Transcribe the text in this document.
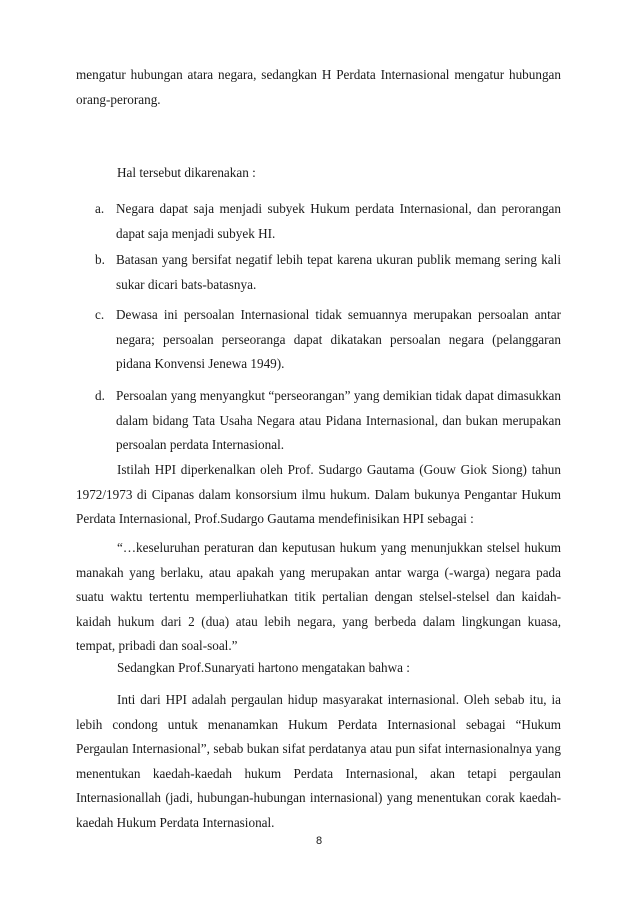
mengatur hubungan atara negara, sedangkan H Perdata Internasional mengatur hubungan orang-perorang.

Hal tersebut dikarenakan :

a. Negara dapat saja menjadi subyek Hukum perdata Internasional, dan perorangan dapat saja menjadi subyek HI.
b. Batasan yang bersifat negatif lebih tepat karena ukuran publik memang sering kali sukar dicari bats-batasnya.
c. Dewasa ini persoalan Internasional tidak semuannya merupakan persoalan antar negara; persoalan perseoranga dapat dikatakan persoalan negara (pelanggaran pidana Konvensi Jenewa 1949).
d. Persoalan yang menyangkut “perseorangan” yang demikian tidak dapat dimasukkan dalam bidang Tata Usaha Negara atau Pidana Internasional, dan bukan merupakan persoalan perdata Internasional.

Istilah HPI diperkenalkan oleh Prof. Sudargo Gautama (Gouw Giok Siong) tahun 1972/1973 di Cipanas dalam konsorsium ilmu hukum. Dalam bukunya Pengantar Hukum Perdata Internasional, Prof.Sudargo Gautama mendefinisikan HPI sebagai :

“…keseluruhan peraturan dan keputusan hukum yang menunjukkan stelsel hukum manakah yang berlaku, atau apakah yang merupakan antar warga (-warga) negara pada suatu waktu tertentu memperliuhatkan titik pertalian dengan stelsel-stelsel dan kaidah-kaidah hukum dari 2 (dua) atau lebih negara, yang berbeda dalam lingkungan kuasa, tempat, pribadi dan soal-soal.”

Sedangkan Prof.Sunaryati hartono mengatakan bahwa :

Inti dari HPI adalah pergaulan hidup masyarakat internasional. Oleh sebab itu, ia lebih condong untuk menanamkan Hukum Perdata Internasional sebagai “Hukum Pergaulan Internasional”, sebab bukan sifat perdatanya atau pun sifat internasionalnya yang menentukan kaedah-kaedah hukum Perdata Internasional, akan tetapi pergaulan Internasionallah (jadi, hubungan-hubungan internasional) yang menentukan corak kaedah-kaedah Hukum Perdata Internasional.

8
